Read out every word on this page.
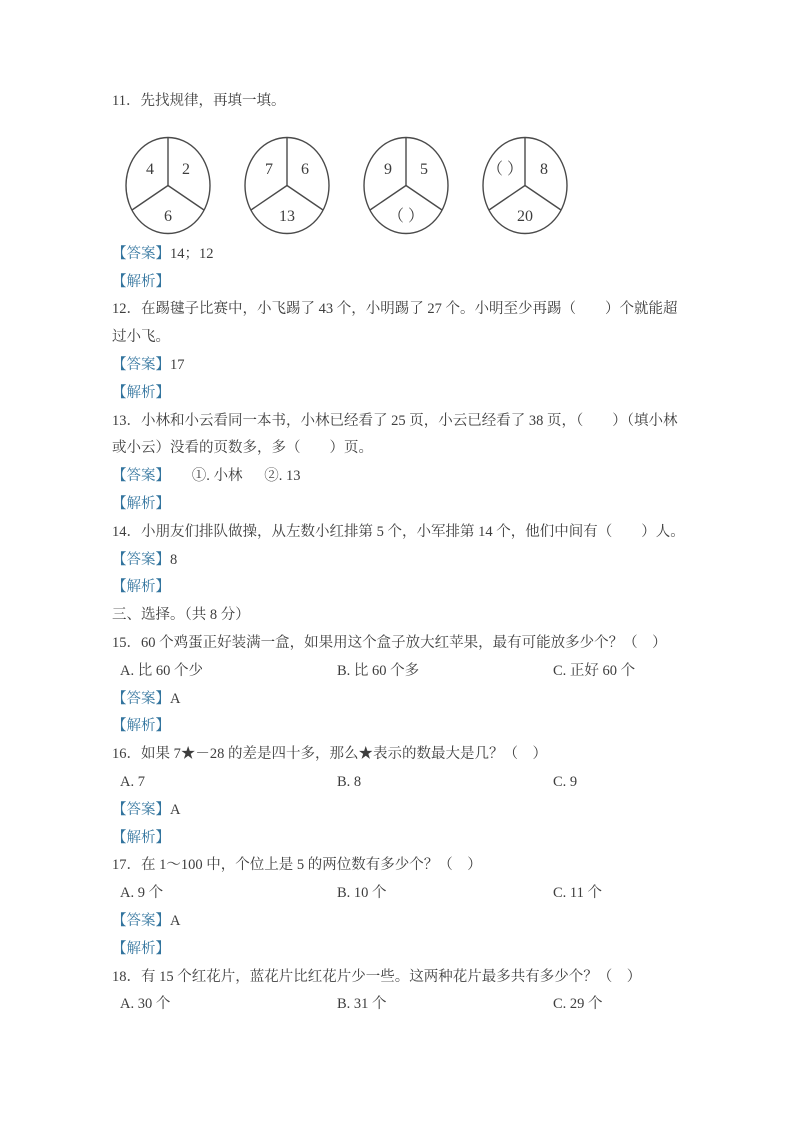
11．先找规律，再填一填。

4 2
6
7 6
13
9 5
（ ）
（ ） 8
20

【答案】14；12

【解析】

12．在踢毽子比赛中，小飞踢了 43 个，小明踢了 27 个。小明至少再踢（        ）个就能超

过小飞。

【答案】17

【解析】

13．小林和小云看同一本书，小林已经看了 25 页，小云已经看了 38 页，（        ）（填小林

或小云）没看的页数多，多（        ）页。

【答案】      ①. 小林      ②. 13

【解析】

14．小朋友们排队做操，从左数小红排第 5 个，小军排第 14 个，他们中间有（        ）人。

【答案】8

【解析】

三、选择。（共 8 分）

15．60 个鸡蛋正好装满一盒，如果用这个盒子放大红苹果，最有可能放多少个？（    ）

A. 比 60 个少	B. 比 60 个多	C. 正好 60 个

【答案】A

【解析】

16．如果 7★－28 的差是四十多，那么★表示的数最大是几？（    ）

A. 7	B. 8	C. 9

【答案】A

【解析】

17．在 1～100 中，个位上是 5 的两位数有多少个？（    ）

A. 9 个	B. 10 个	C. 11 个

【答案】A

【解析】

18．有 15 个红花片，蓝花片比红花片少一些。这两种花片最多共有多少个？（    ）

A. 30 个	B. 31 个	C. 29 个
